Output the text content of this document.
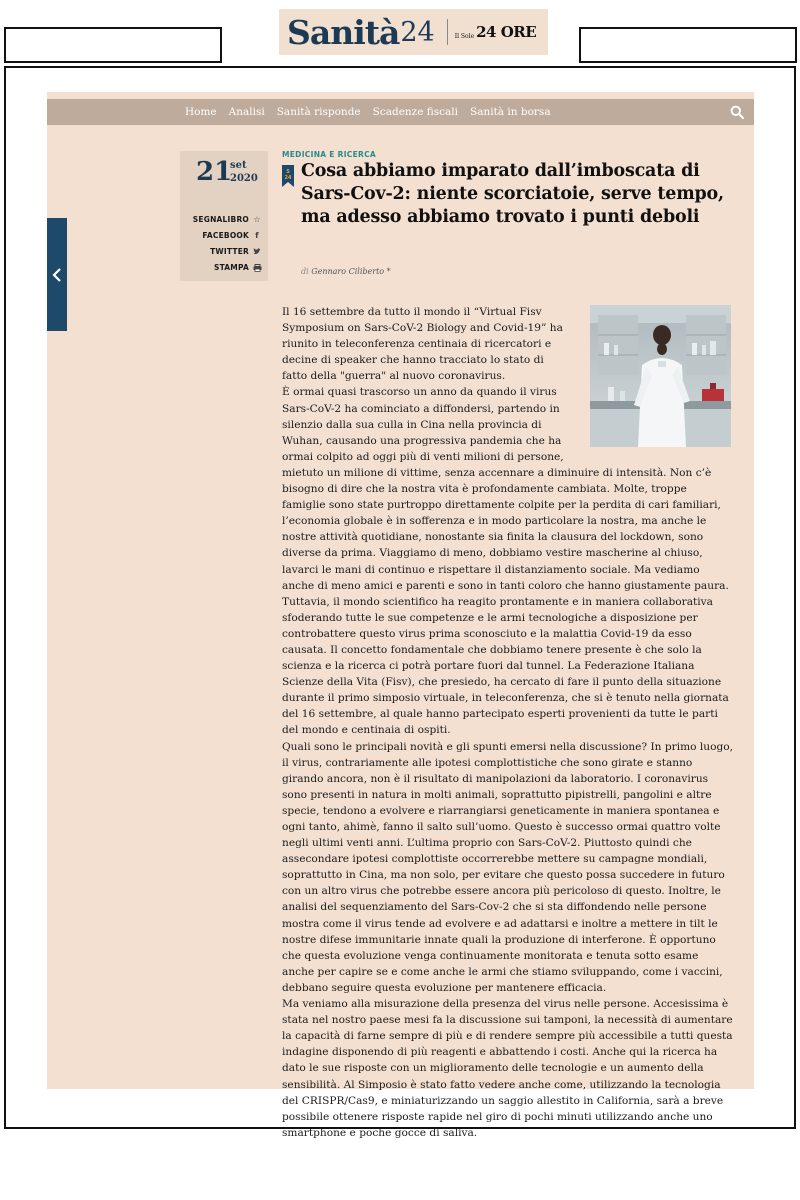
Sanità 24	Il Sole 24 ORE
Home Analisi Sanità risponde Scadenze fiscali Sanità in borsa
21
set
2020
SEGNALIBRO ☆
FACEBOOK f
TWITTER
STAMPA
MEDICINA E RICERCA
S
24 Cosa abbiamo imparato dall’imboscata di Sars-Cov-2: niente scorciatoie, serve tempo, ma adesso abbiamo trovato i punti deboli
di Gennaro Ciliberto *

Il 16 settembre da tutto il mondo il “Virtual Fisv Symposium on Sars-CoV-2 Biology and Covid-19” ha riunito in teleconferenza centinaia di ricercatori e decine di speaker che hanno tracciato lo stato di fatto della "guerra" al nuovo coronavirus.

È ormai quasi trascorso un anno da quando il virus Sars-CoV-2 ha cominciato a diffondersi, partendo in silenzio dalla sua culla in Cina nella provincia di Wuhan, causando una progressiva pandemia che ha ormai colpito ad oggi più di venti milioni di persone, mietuto un milione di vittime, senza accennare a diminuire di intensità. Non c’è bisogno di dire che la nostra vita è profondamente cambiata. Molte, troppe famiglie sono state purtroppo direttamente colpite per la perdita di cari familiari, l’economia globale è in sofferenza e in modo particolare la nostra, ma anche le nostre attività quotidiane, nonostante sia finita la clausura del lockdown, sono diverse da prima. Viaggiamo di meno, dobbiamo vestire mascherine al chiuso, lavarci le mani di continuo e rispettare il distanziamento sociale. Ma vediamo anche di meno amici e parenti e sono in tanti coloro che hanno giustamente paura. Tuttavia, il mondo scientifico ha reagito prontamente e in maniera collaborativa sfoderando tutte le sue competenze e le armi tecnologiche a disposizione per controbattere questo virus prima sconosciuto e la malattia Covid-19 da esso causata. Il concetto fondamentale che dobbiamo tenere presente è che solo la scienza e la ricerca ci potrà portare fuori dal tunnel. La Federazione Italiana Scienze della Vita (Fisv), che presiedo, ha cercato di fare il punto della situazione durante il primo simposio virtuale, in teleconferenza, che si è tenuto nella giornata del 16 settembre, al quale hanno partecipato esperti provenienti da tutte le parti del mondo e centinaia di ospiti.

Quali sono le principali novità e gli spunti emersi nella discussione? In primo luogo, il virus, contrariamente alle ipotesi complottistiche che sono girate e stanno girando ancora, non è il risultato di manipolazioni da laboratorio. I coronavirus sono presenti in natura in molti animali, soprattutto pipistrelli, pangolini e altre specie, tendono a evolvere e riarrangiarsi geneticamente in maniera spontanea e ogni tanto, ahimè, fanno il salto sull’uomo. Questo è successo ormai quattro volte negli ultimi venti anni. L’ultima proprio con Sars-CoV-2. Piuttosto quindi che assecondare ipotesi complottiste occorrerebbe mettere su campagne mondiali, soprattutto in Cina, ma non solo, per evitare che questo possa succedere in futuro con un altro virus che potrebbe essere ancora più pericoloso di questo. Inoltre, le analisi del sequenziamento del Sars-Cov-2 che si sta diffondendo nelle persone mostra come il virus tende ad evolvere e ad adattarsi e inoltre a mettere in tilt le nostre difese immunitarie innate quali la produzione di interferone. È opportuno che questa evoluzione venga continuamente monitorata e tenuta sotto esame anche per capire se e come anche le armi che stiamo sviluppando, come i vaccini, debbano seguire questa evoluzione per mantenere efficacia.

Ma veniamo alla misurazione della presenza del virus nelle persone. Accesissima è stata nel nostro paese mesi fa la discussione sui tamponi, la necessità di aumentare la capacità di farne sempre di più e di rendere sempre più accessibile a tutti questa indagine disponendo di più reagenti e abbattendo i costi. Anche qui la ricerca ha dato le sue risposte con un miglioramento delle tecnologie e un aumento della sensibilità. Al Simposio è stato fatto vedere anche come, utilizzando la tecnologia del CRISPR/Cas9, e miniaturizzando un saggio allestito in California, sarà a breve possibile ottenere risposte rapide nel giro di pochi minuti utilizzando anche uno smartphone e poche gocce di saliva.
